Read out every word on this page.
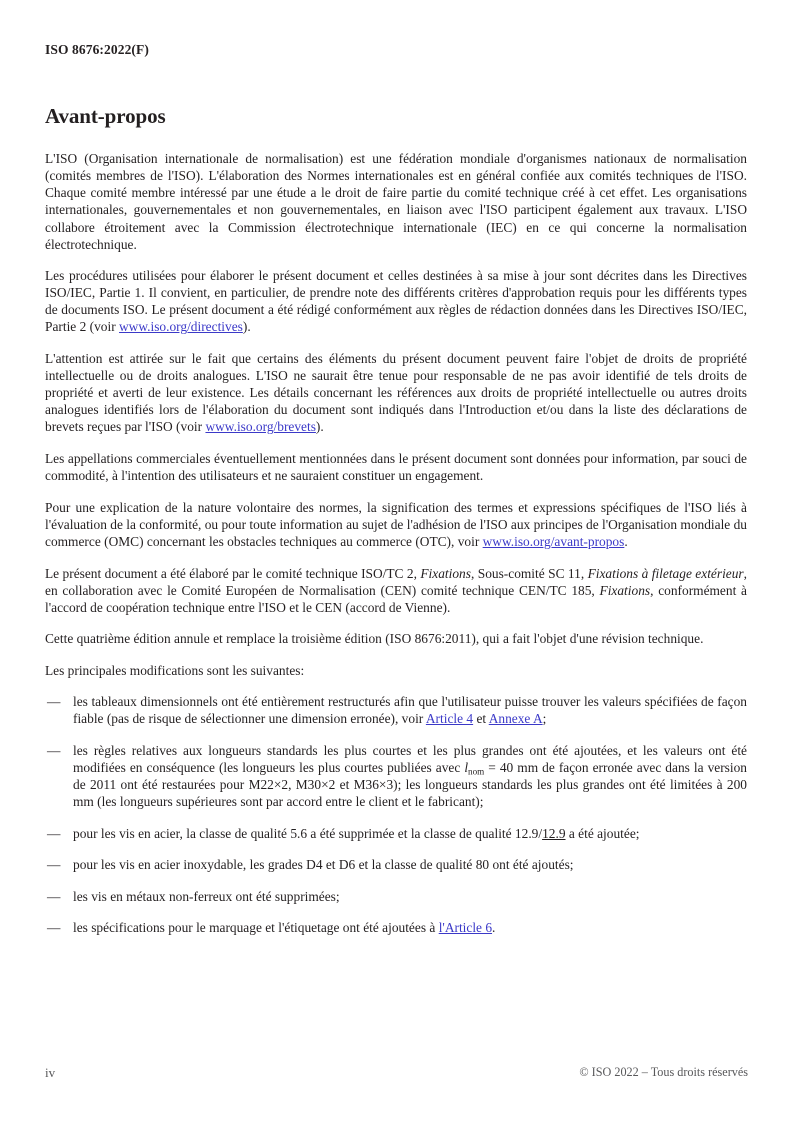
ISO 8676:2022(F)
Avant-propos

L'ISO (Organisation internationale de normalisation) est une fédération mondiale d'organismes nationaux de normalisation (comités membres de l'ISO). L'élaboration des Normes internationales est en général confiée aux comités techniques de l'ISO. Chaque comité membre intéressé par une étude a le droit de faire partie du comité technique créé à cet effet. Les organisations internationales, gouvernementales et non gouvernementales, en liaison avec l'ISO participent également aux travaux. L'ISO collabore étroitement avec la Commission électrotechnique internationale (IEC) en ce qui concerne la normalisation électrotechnique.

Les procédures utilisées pour élaborer le présent document et celles destinées à sa mise à jour sont décrites dans les Directives ISO/IEC, Partie 1. Il convient, en particulier, de prendre note des différents critères d'approbation requis pour les différents types de documents ISO. Le présent document a été rédigé conformément aux règles de rédaction données dans les Directives ISO/IEC, Partie 2 (voir www.iso.org/directives).

L'attention est attirée sur le fait que certains des éléments du présent document peuvent faire l'objet de droits de propriété intellectuelle ou de droits analogues. L'ISO ne saurait être tenue pour responsable de ne pas avoir identifié de tels droits de propriété et averti de leur existence. Les détails concernant les références aux droits de propriété intellectuelle ou autres droits analogues identifiés lors de l'élaboration du document sont indiqués dans l'Introduction et/ou dans la liste des déclarations de brevets reçues par l'ISO (voir www.iso.org/brevets).

Les appellations commerciales éventuellement mentionnées dans le présent document sont données pour information, par souci de commodité, à l'intention des utilisateurs et ne sauraient constituer un engagement.

Pour une explication de la nature volontaire des normes, la signification des termes et expressions spécifiques de l'ISO liés à l'évaluation de la conformité, ou pour toute information au sujet de l'adhésion de l'ISO aux principes de l'Organisation mondiale du commerce (OMC) concernant les obstacles techniques au commerce (OTC), voir www.iso.org/avant-propos.

Le présent document a été élaboré par le comité technique ISO/TC 2, Fixations, Sous-comité SC 11, Fixations à filetage extérieur, en collaboration avec le Comité Européen de Normalisation (CEN) comité technique CEN/TC 185, Fixations, conformément à l'accord de coopération technique entre l'ISO et le CEN (accord de Vienne).

Cette quatrième édition annule et remplace la troisième édition (ISO 8676:2011), qui a fait l'objet d'une révision technique.

Les principales modifications sont les suivantes:

— les tableaux dimensionnels ont été entièrement restructurés afin que l'utilisateur puisse trouver les valeurs spécifiées de façon fiable (pas de risque de sélectionner une dimension erronée), voir Article 4 et Annexe A;
— les règles relatives aux longueurs standards les plus courtes et les plus grandes ont été ajoutées, et les valeurs ont été modifiées en conséquence (les longueurs les plus courtes publiées avec $l_{nom} = 40$ mm de façon erronée avec dans la version de 2011 ont été restaurées pour M22×2, M30×2 et M36×3); les longueurs standards les plus grandes ont été limitées à 200 mm (les longueurs supérieures sont par accord entre le client et le fabricant);
— pour les vis en acier, la classe de qualité 5.6 a été supprimée et la classe de qualité 12.9/12.9 a été ajoutée;
— pour les vis en acier inoxydable, les grades D4 et D6 et la classe de qualité 80 ont été ajoutés;
— les vis en métaux non-ferreux ont été supprimées;
— les spécifications pour le marquage et l'étiquetage ont été ajoutées à l'Article 6.
iv	© ISO 2022 – Tous droits réservés
